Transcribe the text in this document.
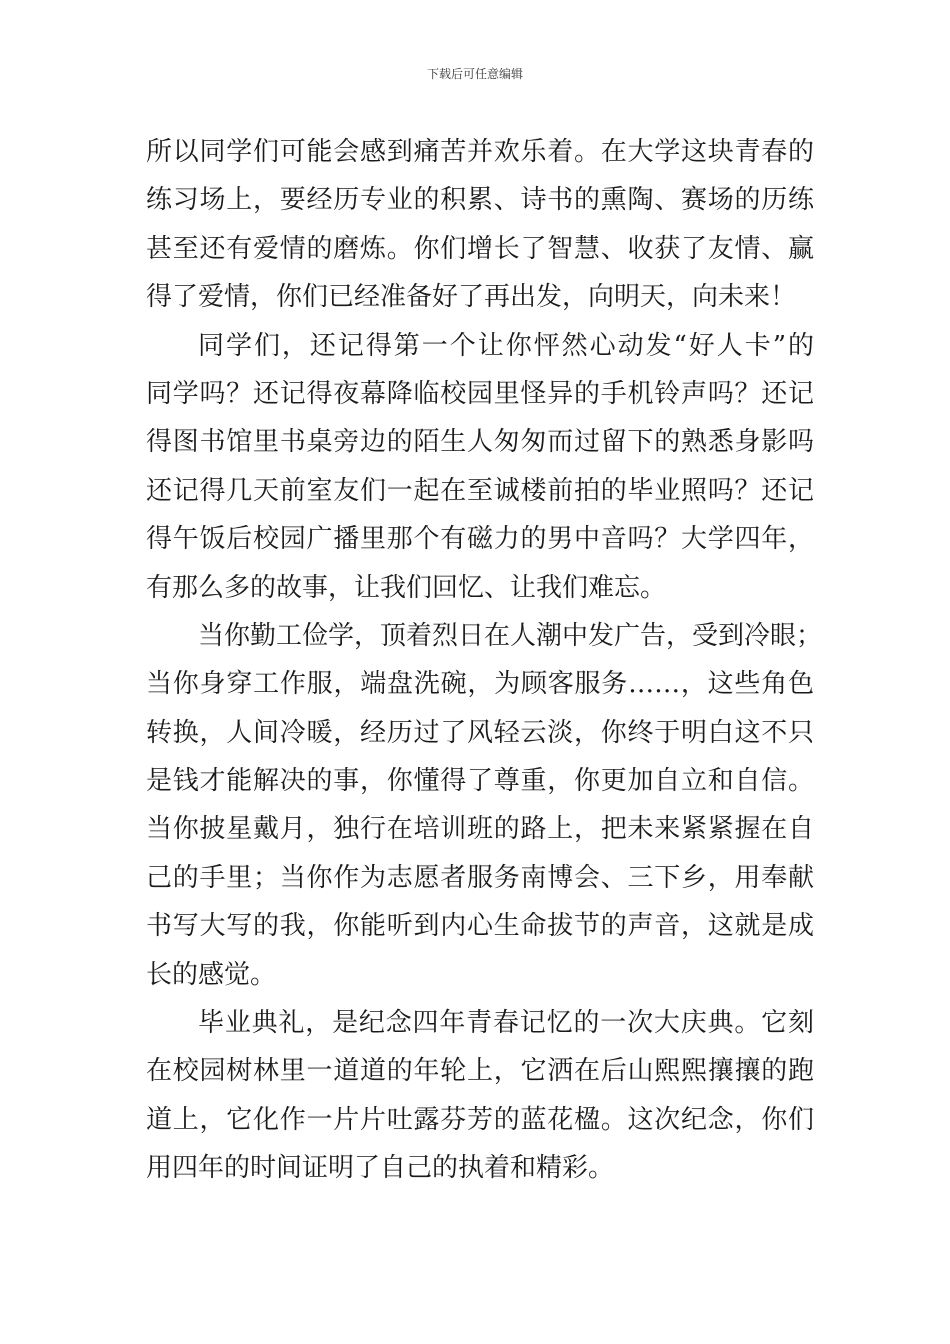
下载后可任意编辑
所以同学们可能会感到痛苦并欢乐着。在大学这块青春的
练习场上，要经历专业的积累、诗书的熏陶、赛场的历练
甚至还有爱情的磨炼。你们增长了智慧、收获了友情、赢
得了爱情，你们已经准备好了再出发，向明天，向未来！
同学们，还记得第一个让你怦然心动发“好人卡”的
同学吗？还记得夜幕降临校园里怪异的手机铃声吗？还记
得图书馆里书桌旁边的陌生人匆匆而过留下的熟悉身影吗
还记得几天前室友们一起在至诚楼前拍的毕业照吗？还记
得午饭后校园广播里那个有磁力的男中音吗？大学四年，
有那么多的故事，让我们回忆、让我们难忘。
当你勤工俭学，顶着烈日在人潮中发广告，受到冷眼；
当你身穿工作服，端盘洗碗，为顾客服务……，这些角色
转换，人间冷暖，经历过了风轻云淡，你终于明白这不只
是钱才能解决的事，你懂得了尊重，你更加自立和自信。
当你披星戴月，独行在培训班的路上，把未来紧紧握在自
己的手里；当你作为志愿者服务南博会、三下乡，用奉献
书写大写的我，你能听到内心生命拔节的声音，这就是成
长的感觉。
毕业典礼，是纪念四年青春记忆的一次大庆典。它刻
在校园树林里一道道的年轮上，它洒在后山熙熙攘攘的跑
道上，它化作一片片吐露芬芳的蓝花楹。这次纪念，你们
用四年的时间证明了自己的执着和精彩。
